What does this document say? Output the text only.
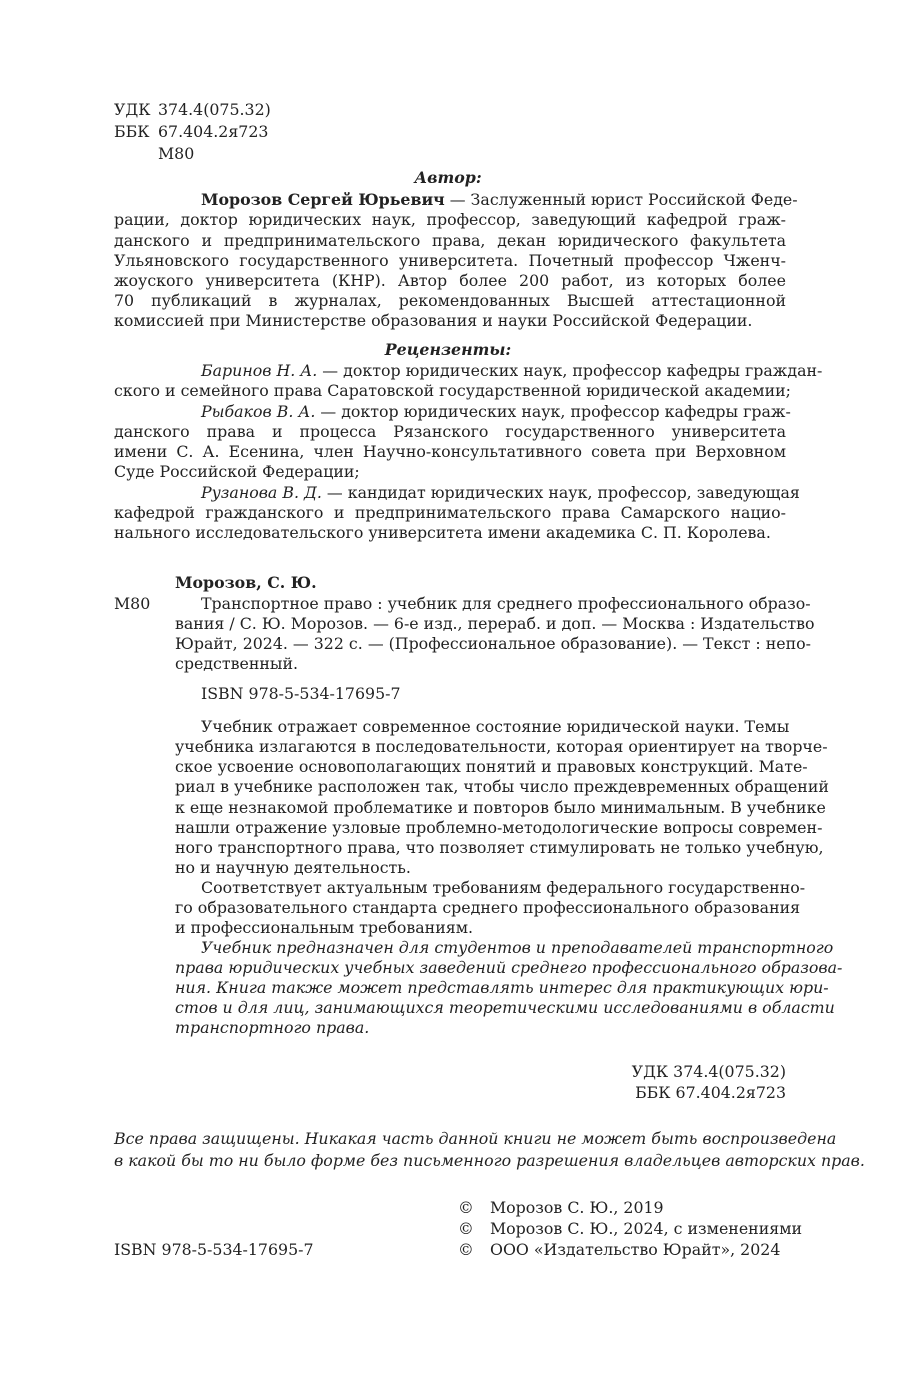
УДК 374.4(075.32)
ББК 67.404.2я723
М80
Автор:
Морозов Сергей Юрьевич — Заслуженный юрист Российской Феде-
рации, доктор юридических наук, профессор, заведующий кафедрой граж-
данского и предпринимательского права, декан юридического факультета
Ульяновского государственного университета. Почетный профессор Чженч-
жоуского университета (КНР). Автор более 200 работ, из которых более
70 публикаций в журналах, рекомендованных Высшей аттестационной
комиссией при Министерстве образования и науки Российской Федерации.
Рецензенты:
Баринов Н. А. — доктор юридических наук, профессор кафедры граждан-
ского и семейного права Саратовской государственной юридической академии;
Рыбаков В. А. — доктор юридических наук, профессор кафедры граж-
данского права и процесса Рязанского государственного университета
имени С. А. Есенина, член Научно-консультативного совета при Верховном
Суде Российской Федерации;
Рузанова В. Д. — кандидат юридических наук, профессор, заведующая
кафедрой гражданского и предпринимательского права Самарского нацио-
нального исследовательского университета имени академика С. П. Королева.
Морозов, С. Ю.
М80	Транспортное право : учебник для среднего профессионального образо-
вания / С. Ю. Морозов. — 6-е изд., перераб. и доп. — Москва : Издательство
Юрайт, 2024. — 322 с. — (Профессиональное образование). — Текст : непо-
средственный.
ISBN 978-5-534-17695-7
Учебник отражает современное состояние юридической науки. Темы
учебника излагаются в последовательности, которая ориентирует на творче-
ское усвоение основополагающих понятий и правовых конструкций. Мате-
риал в учебнике расположен так, чтобы число преждевременных обращений
к еще незнакомой проблематике и повторов было минимальным. В учебнике
нашли отражение узловые проблемно-методологические вопросы современ-
ного транспортного права, что позволяет стимулировать не только учебную,
но и научную деятельность.
Соответствует актуальным требованиям федерального государственно-
го образовательного стандарта среднего профессионального образования
и профессиональным требованиям.
Учебник предназначен для студентов и преподавателей транспортного
права юридических учебных заведений среднего профессионального образова-
ния. Книга также может представлять интерес для практикующих юри-
стов и для лиц, занимающихся теоретическими исследованиями в области
транспортного права.
УДК 374.4(075.32)
ББК 67.404.2я723
Все права защищены. Никакая часть данной книги не может быть воспроизведена
в какой бы то ни было форме без письменного разрешения владельцев авторских прав.
© Морозов С. Ю., 2019
© Морозов С. Ю., 2024, с изменениями
ISBN 978-5-534-17695-7	© ООО «Издательство Юрайт», 2024
